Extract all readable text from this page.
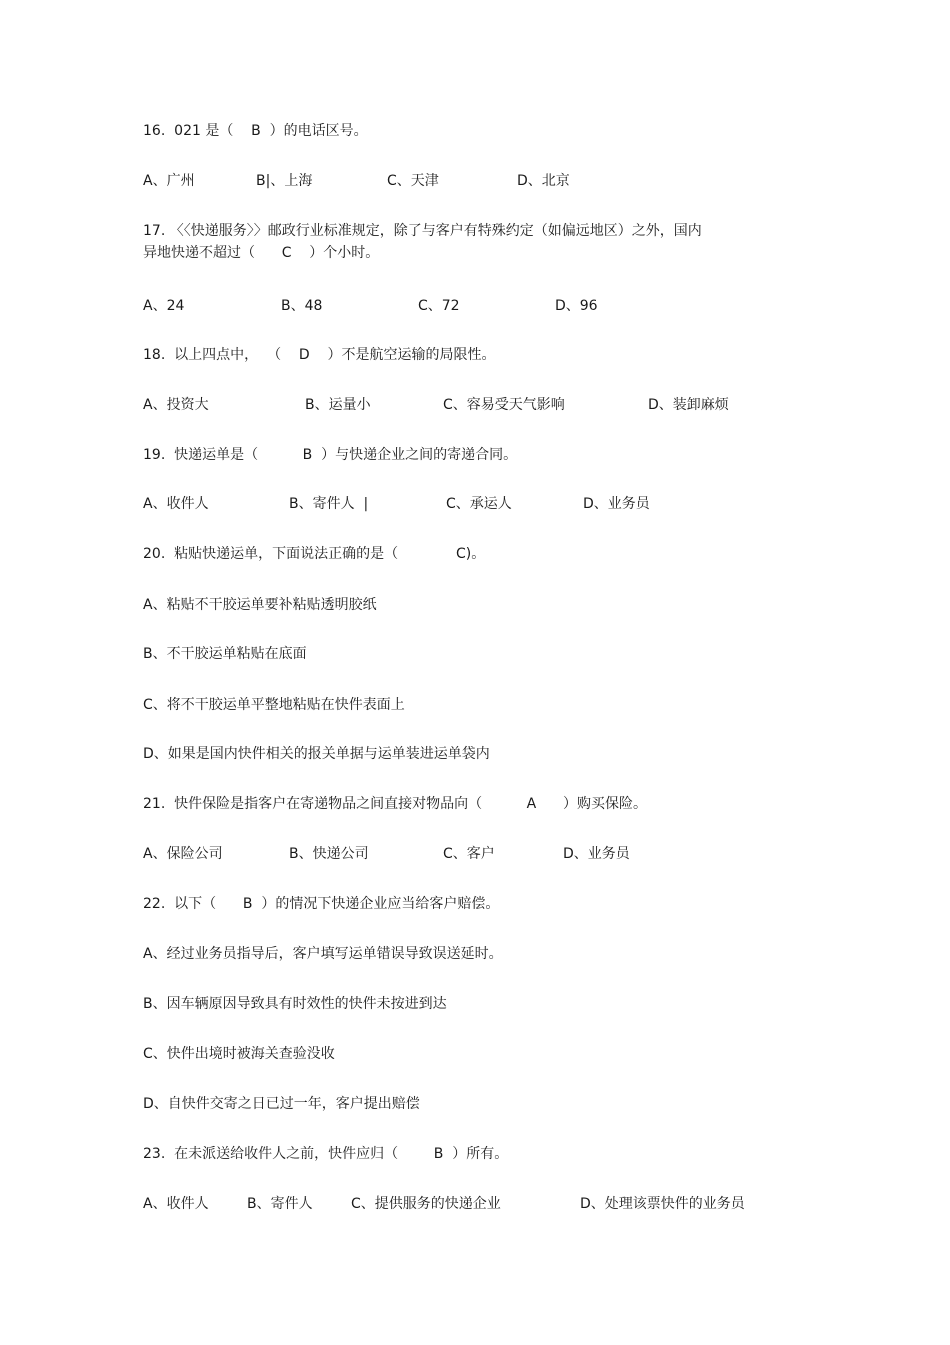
16.  021 是（    B  ）的电话区号。
A、广州	B|、上海	C、天津	D、北京
17. 〈〈快递服务〉〉邮政行业标准规定，除了与客户有特殊约定（如偏远地区）之外，国内
异地快递不超过（      C    ）个小时。
A、24	B、48	C、72	D、96
18.  以上四点中，  （    D    ）不是航空运输的局限性。
A、投资大	B、运量小	C、容易受天气影响	D、装卸麻烦
19.  快递运单是（          B  ）与快递企业之间的寄递合同。
A、收件人	B、寄件人  |	C、承运人	D、业务员
20.  粘贴快递运单，下面说法正确的是（             C)。
A、粘贴不干胶运单要补粘贴透明胶纸
B、不干胶运单粘贴在底面
C、将不干胶运单平整地粘贴在快件表面上
D、如果是国内快件相关的报关单据与运单装进运单袋内
21.  快件保险是指客户在寄递物品之间直接对物品向（          A      ）购买保险。
A、保险公司	B、快递公司	C、客户	D、业务员
22.  以下（      B  ）的情况下快递企业应当给客户赔偿。
A、经过业务员指导后，客户填写运单错误导致误送延时。
B、因车辆原因导致具有时效性的快件未按进到达
C、快件出境时被海关查验没收
D、自快件交寄之日已过一年，客户提出赔偿
23.  在未派送给收件人之前，快件应归（        B  ）所有。
A、收件人	B、寄件人	C、提供服务的快递企业	D、处理该票快件的业务员
